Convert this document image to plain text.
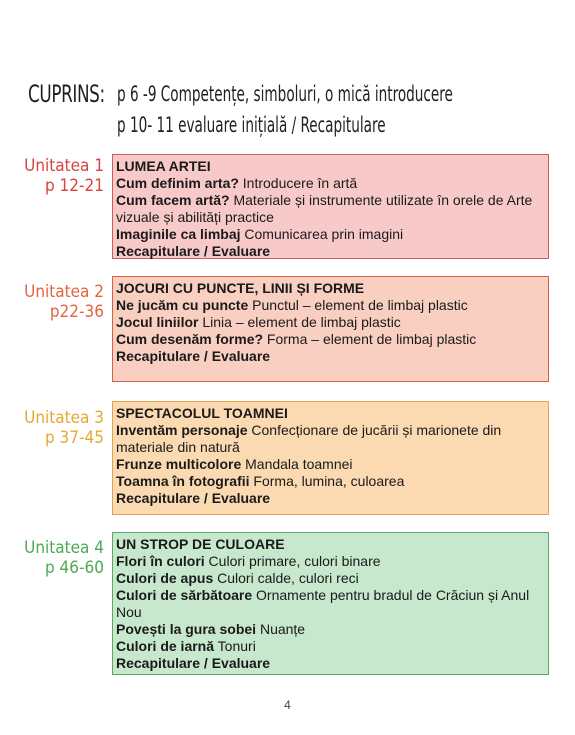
CUPRINS: p 6 -9 Competențe, simboluri, o mică introducere
p 10- 11 evaluare inițială / Recapitulare
Unitatea 1
p 12-21
LUMEA ARTEI
Cum definim arta? Introducere în artă
Cum facem artă? Materiale și instrumente utilizate în orele de Arte vizuale și abilități practice
Imaginile ca limbaj Comunicarea prin imagini
Recapitulare / Evaluare
Unitatea 2
p22-36
JOCURI CU PUNCTE, LINII ȘI FORME
Ne jucăm cu puncte Punctul – element de limbaj plastic
Jocul liniilor Linia – element de limbaj plastic
Cum desenăm forme? Forma – element de limbaj plastic
Recapitulare / Evaluare
Unitatea 3
p 37-45
SPECTACOLUL TOAMNEI
Inventăm personaje Confecționare de jucării și marionete din materiale din natură
Frunze multicolore Mandala toamnei
Toamna în fotografii Forma, lumina, culoarea
Recapitulare / Evaluare
Unitatea 4
p 46-60
UN STROP DE CULOARE
Flori în culori Culori primare, culori binare
Culori de apus Culori calde, culori reci
Culori de sărbătoare Ornamente pentru bradul de Crăciun și Anul Nou
Povești la gura sobei Nuanțe
Culori de iarnă Tonuri
Recapitulare / Evaluare
4
